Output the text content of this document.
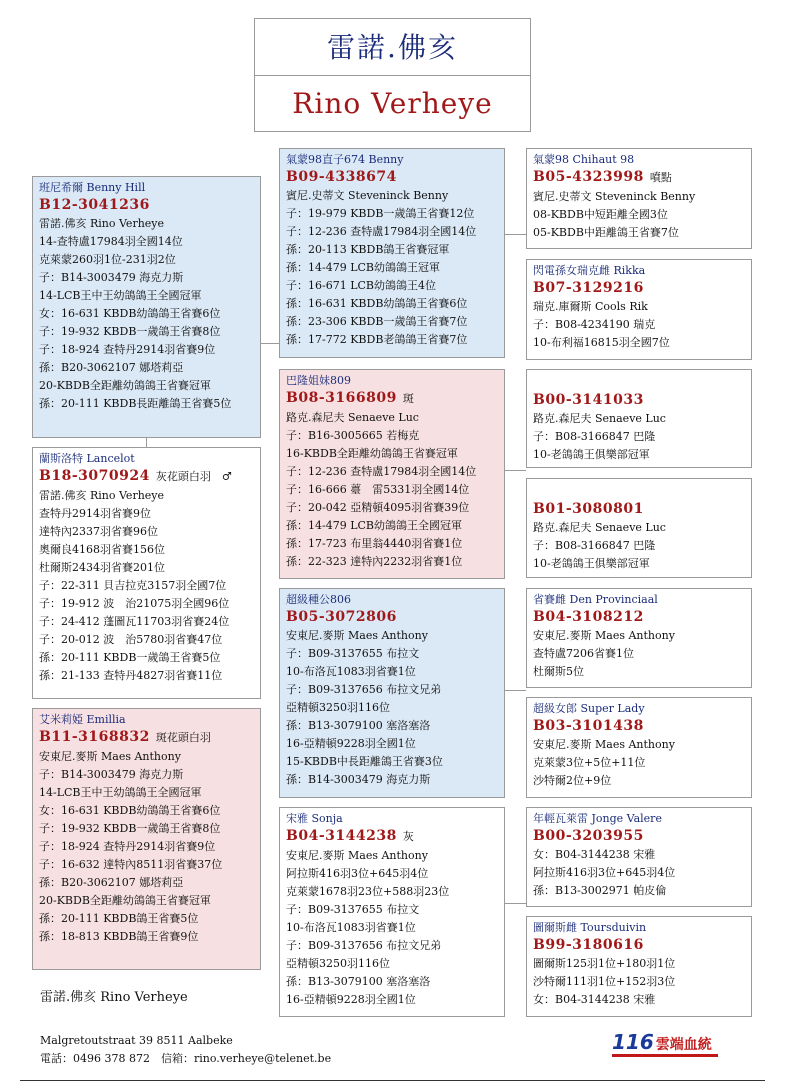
雷諾.佛亥
Rino Verheye
班尼希爾 Benny Hill
B12-3041236
雷諾.佛亥 Rino Verheye
14-查特盧17984羽全國14位
克萊蒙260羽1位-231羽2位
子：B14-3003479 海克力斯
14-LCB王中王幼鴿鴿王全國冠軍
女：16-631 KBDB幼鴿鴿王省賽6位
子：19-932 KBDB一歲鴿王省賽8位
子：18-924 查特丹2914羽省賽9位
孫：B20-3062107 娜塔莉亞
20-KBDB全距離幼鴿鴿王省賽冠軍
孫：20-111 KBDB長距離鴿王省賽5位
蘭斯洛特 Lancelot
B18-3070924 灰花頭白羽　♂
雷諾.佛亥 Rino Verheye
查特丹2914羽省賽9位
達特內2337羽省賽96位
奧爾良4168羽省賽156位
杜爾斯2434羽省賽201位
子：22-311 貝吉拉克3157羽全國7位
子：19-912 波　治21075羽全國96位
子：24-412 蓬圖瓦11703羽省賽24位
子：20-012 波　治5780羽省賽47位
孫：20-111 KBDB一歲鴿王省賽5位
孫：21-133 查特丹4827羽省賽11位
艾米莉婭 Emillia
B11-3168832 斑花頭白羽
安東尼.麥斯 Maes Anthony
子：B14-3003479 海克力斯
14-LCB王中王幼鴿鴿王全國冠軍
女：16-631 KBDB幼鴿鴿王省賽6位
子：19-932 KBDB一歲鴿王省賽8位
子：18-924 查特丹2914羽省賽9位
子：16-632 達特內8511羽省賽37位
孫：B20-3062107 娜塔莉亞
20-KBDB全距離幼鴿鴿王省賽冠軍
孫：20-111 KBDB鴿王省賽5位
孫：18-813 KBDB鴿王省賽9位
氣蒙98直子674 Benny
B09-4338674
賓尼.史蒂文 Steveninck Benny
子：19-979 KBDB一歲鴿王省賽12位
子：12-236 查特盧17984羽全國14位
孫：20-113 KBDB鴿王省賽冠軍
孫：14-479 LCB幼鴿鴿王冠軍
子：16-671 LCB幼鴿鴿王4位
孫：16-631 KBDB幼鴿鴿王省賽6位
孫：23-306 KBDB一歲鴿王省賽7位
孫：17-772 KBDB老鴿鴿王省賽7位
巴隆姐妹809
B08-3166809 斑
路克.森尼夫 Senaeve Luc
子：B16-3005665 若梅克
16-KBDB全距離幼鴿鴿王省賽冠軍
子：12-236 查特盧17984羽全國14位
子：16-666 薹　雷5331羽全國14位
子：20-042 亞精頓4095羽省賽39位
孫：14-479 LCB幼鴿鴿王全國冠軍
孫：17-723 布里翁4440羽省賽1位
孫：22-323 達特內2232羽省賽1位
超級種公806
B05-3072806
安東尼.麥斯 Maes Anthony
子：B09-3137655 布拉文
10-布洛瓦1083羽省賽1位
子：B09-3137656 布拉文兄弟
亞精頓3250羽116位
孫：B13-3079100 塞洛塞洛
16-亞精頓9228羽全國1位
15-KBDB中長距離鴿王省賽3位
孫：B14-3003479 海克力斯
宋雅 Sonja
B04-3144238 灰
安東尼.麥斯 Maes Anthony
阿拉斯416羽3位+645羽4位
克萊蒙1678羽23位+588羽23位
子：B09-3137655 布拉文
10-布洛瓦1083羽省賽1位
子：B09-3137656 布拉文兄弟
亞精頓3250羽116位
孫：B13-3079100 塞洛塞洛
16-亞精頓9228羽全國1位
氣蒙98 Chihaut 98
B05-4323998 噴點
賓尼.史蒂文 Steveninck Benny
08-KBDB中短距離全國3位
05-KBDB中距離鴿王省賽7位
閃電孫女瑞克雌 Rikka
B07-3129216
瑞克.庫爾斯 Cools Rik
子：B08-4234190 瑞克
10-布利福16815羽全國7位
B00-3141033
路克.森尼夫 Senaeve Luc
子：B08-3166847 巴隆
10-老鴿鴿王俱樂部冠軍
B01-3080801
路克.森尼夫 Senaeve Luc
子：B08-3166847 巴隆
10-老鴿鴿王俱樂部冠軍
省賽雌 Den Provinciaal
B04-3108212
安東尼.麥斯 Maes Anthony
查特盧7206省賽1位
杜爾斯5位
超級女郎 Super Lady
B03-3101438
安東尼.麥斯 Maes Anthony
克萊蒙3位+5位+11位
沙特爾2位+9位
年輕瓦萊雷 Jonge Valere
B00-3203955
女：B04-3144238 宋雅
阿拉斯416羽3位+645羽4位
孫：B13-3002971 帕皮倫
圖爾斯雌 Toursduivin
B99-3180616
圖爾斯125羽1位+180羽1位
沙特爾111羽1位+152羽3位
女：B04-3144238 宋雅
雷諾.佛亥 Rino Verheye
Malgretoutstraat 39 8511 Aalbeke
電話：0496 378 872　信箱：rino.verheye@telenet.be
116 雲端血統
